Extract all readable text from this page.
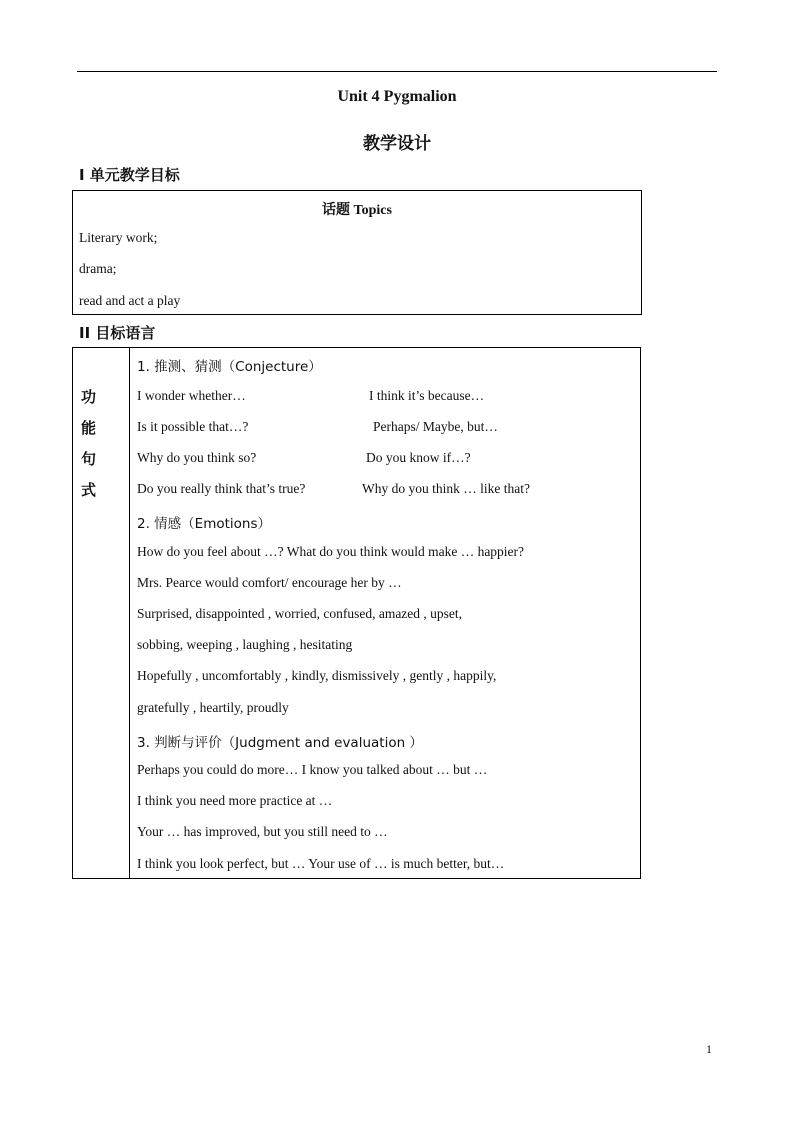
Unit 4 Pygmalion
教学设计
I 单元教学目标
话题 Topics
Literary work;
drama;
read and act a play
II 目标语言
功
能
句
式
1. 推测、猜测（Conjecture）
I wonder whether…	I think it’s because…
Is it possible that…?	Perhaps/ Maybe, but…
Why do you think so?	Do you know if…?
Do you really think that’s true?	Why do you think … like that?
2. 情感（Emotions）
How do you feel about …? What do you think would make … happier?
Mrs. Pearce would comfort/ encourage her by …
Surprised, disappointed , worried, confused, amazed , upset,
sobbing, weeping , laughing , hesitating
Hopefully , uncomfortably , kindly, dismissively , gently , happily,
gratefully , heartily, proudly
3. 判断与评价（Judgment and evaluation ）
Perhaps you could do more… I know you talked about … but …
I think you need more practice at …
Your … has improved, but you still need to …
I think you look perfect, but … Your use of … is much better, but…
1
